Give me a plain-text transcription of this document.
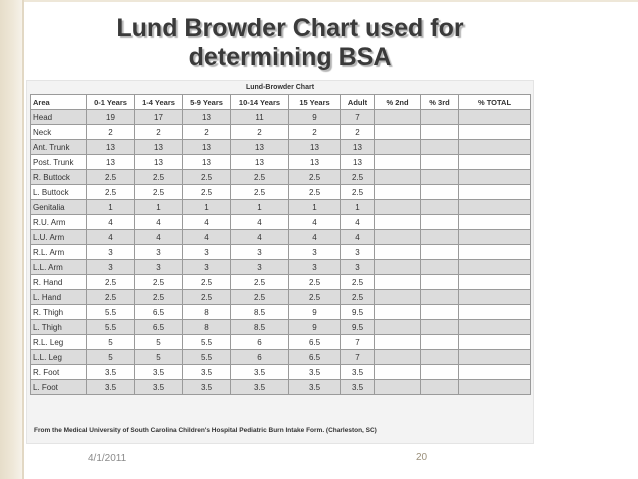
Lund Browder Chart used for determining BSA
Lund-Browder Chart
Area	0-1 Years	1-4 Years	5-9 Years	10-14 Years	15 Years	Adult	% 2nd	% 3rd	% TOTAL
Head	19	17	13	11	9	7			
Neck	2	2	2	2	2	2			
Ant. Trunk	13	13	13	13	13	13			
Post. Trunk	13	13	13	13	13	13			
R. Buttock	2.5	2.5	2.5	2.5	2.5	2.5			
L. Buttock	2.5	2.5	2.5	2.5	2.5	2.5			
Genitalia	1	1	1	1	1	1			
R.U. Arm	4	4	4	4	4	4			
L.U. Arm	4	4	4	4	4	4			
R.L. Arm	3	3	3	3	3	3			
L.L. Arm	3	3	3	3	3	3			
R. Hand	2.5	2.5	2.5	2.5	2.5	2.5			
L. Hand	2.5	2.5	2.5	2.5	2.5	2.5			
R. Thigh	5.5	6.5	8	8.5	9	9.5			
L. Thigh	5.5	6.5	8	8.5	9	9.5			
R.L. Leg	5	5	5.5	6	6.5	7			
L.L. Leg	5	5	5.5	6	6.5	7			
R. Foot	3.5	3.5	3.5	3.5	3.5	3.5			
L. Foot	3.5	3.5	3.5	3.5	3.5	3.5			
From the Medical University of South Carolina Children's Hospital Pediatric Burn Intake Form. (Charleston, SC)
4/1/2011	20
